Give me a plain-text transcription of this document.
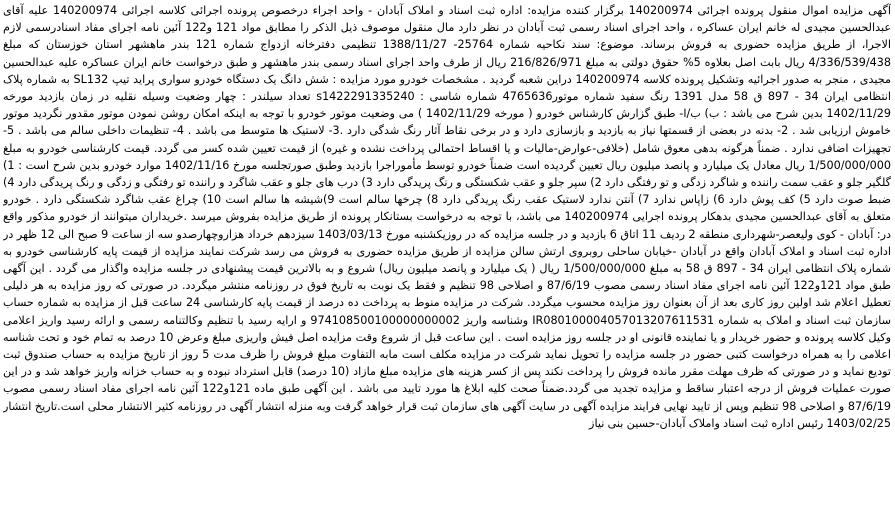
آگهی مزایده اموال منقول پرونده اجرائی 140200974 برگزار کننده مزایده: اداره ثبت اسناد و املاک آبادان - واحد اجراء درخصوص پرونده اجرائی کلاسه اجرائی 140200974 علیه آقای عبدالحسین مجیدی له خانم ایران عساکره ، واحد اجرای اسناد رسمی ثبت آبادان در نظر دارد مال منقول موصوف ذیل الذکر را مطابق مواد 121 و122 آئین نامه اجرای مفاد اسنادرسمی لازم الاجرا، از طریق مزایده حضوری به فروش برساند. موضوع: سند نکاحیه شماره 25764- 1388/11/27 تنظیمی دفترخانه ازدواج شماره 121 بندر ماهشهر استان خوزستان که مبلغ 4/336/539/438 ریال بابت اصل بعلاوه 5% حقوق دولتی به مبلغ 216/826/971 ریال از طرف واحد اجرای اسناد رسمی بندر ماهشهر و طبق درخواست خانم ایران عساکره علیه عبدالحسین مجیدی ، منجر به صدور اجرائیه وتشکیل پرونده کلاسه 140200974 دراین شعبه گردید . مشخصات خودرو مورد مزایده : شش دانگ یک دستگاه خودرو سواری پراید تیپ SL132 به شماره پلاک انتظامی ایران 34 - 897 ق 58 مدل 1391 رنگ سفید شماره موتور4765636 شماره شاسی : s1422291335240 تعداد سیلندر : چهار وضعیت وسیله نقلیه در زمان بازدید مورخه 1402/11/29 بدین شرح می باشد : ب) ب/ا- طبق گزارش کارشناس خودرو ( مورخه 1402/11/29 ) می وضعیت موتور خودرو با توجه به اینکه امکان روشن نمودن موتور مقدور نگردید موتور خاموش ارزیابی شد . 2- بدنه در بعضی از قسمتها نیاز به بازدید و بازسازی دارد و در برخی نقاط آثار رنگ شدگی دارد .3- لاستیک ها متوسط می باشد . 4- تنظیمات داخلی سالم می باشد . 5- تجهیزات اضافی ندارد . ضمناً هرگونه بدهی معوق شامل (خلافی-عوارض-مالیات و یا اقساط احتمالی پرداخت نشده و غیره) از قیمت تعیین شده کسر می گردد. قیمت کارشناسی خودرو به مبلغ 1/500/000/000 ریال معادل یک میلیارد و پانصد میلیون ریال تعیین گردیده است ضمناً خودرو توسط مأموراجرا بازدید وطبق صورتجلسه مورخ 1402/11/16 موارد خودرو بدین شرح است : 1) گلگیر جلو و عقب سمت راننده و شاگرد زدگی و تو رفتگی دارد 2) سپر جلو و عقب شکستگی و رنگ پریدگی دارد 3) درب های جلو و عقب شاگرد و راننده تو رفتگی و زدگی و رنگ پریدگی دارد 4) ضبط صوت دارد 5) کف پوش دارد 6) زاپاس ندارد 7) آنتن ندارد لاستیک عقب رنگ پریدگی دارد 8) چرخها سالم است 9)شیشه ها سالم است 10) چراغ عقب شاگرد شکستگی دارد . خودرو متعلق به آقای عبدالحسین مجیدی بدهکار پرونده اجرایی 140200974 می باشد، با توجه به درخواست بستانکار پرونده از طریق مزایده بفروش میرسد .خریداران میتوانند از خودرو مذکور واقع در: آبادان - کوی ولیعصر-شهرداری منطقه 2 ردیف 11 اتاق 6 بازدید و در جلسه مزایده که در روزیکشنبه مورخ 1403/03/13 سیزدهم خرداد هزاروچهارصدو سه از ساعت 9 صبح الی 12 ظهر در اداره ثبت اسناد و املاک آبادان واقع در آبادان -خیابان ساحلی روبروی ارتش سالن مزایده از طریق مزایده حضوری به فروش می رسد شرکت نمایند مزایده از قیمت پایه کارشناسی خودرو به شماره پلاک انتظامی ایران 34 - 897 ق 58 به مبلغ 1/500/000/000 ریال ( یک میلیارد و پانصد میلیون ریال) شروع و به بالاترین قیمت پیشنهادی در جلسه مزایده واگذار می گردد . این آگهی طبق مواد 121و122 آئین نامه اجرای مفاد اسناد رسمی مصوب 87/6/19 و اصلاحی 98 تنظیم و فقط یک نوبت به تاریخ فوق در روزنامه منتشر میگردد. در صورتی که روز مزایده به هر دلیلی تعطیل اعلام شد اولین روز کاری بعد از آن بعنوان روز مزایده محسوب میگردد. شرکت در مزایده منوط به پرداخت ده درصد از قیمت پایه کارشناسی 24 ساعت قبل از مزایده به شماره حساب سازمان ثبت اسناد و املاک به شماره IR080100004057013207611531 وشناسه واریز 974108500100000000002 و ارایه رسید با تنظیم وکالتنامه رسمی و ارائه رسید واریز اعلامی وکیل کلاسه پرونده و حضور خریدار و یا نماینده قانونی او در جلسه روز مزایده است . این ساعت قبل از شروع وقت مزایده اصل فیش واریزی مبلغ وعرض 10 درصد به تمام خود و تحت شناسه اعلامی را به همراه درخواست کتبی حضور در جلسه مزایده را تحویل نماید شرکت در مزایده مکلف است مابه التفاوت مبلغ فروش را ظرف مدت 5 روز از تاریخ مزایده به حساب صندوق ثبت تودیع نماید و در صورتی که ظرف مهلت مقرر مانده فروش را پرداخت نکند پس از کسر هزینه های مزایده مبلغ مازاد (10 درصد) قابل استرداد نبوده و به حساب خزانه واریز خواهد شد و در این صورت عملیات فروش از درجه اعتبار ساقط و مزایده تجدید می گردد.ضمناً صحت کلیه ابلاغ ها مورد تایید می باشد . این آگهی طبق ماده 121و122 آئین نامه اجرای مفاد اسناد رسمی مصوب 87/6/19 و اصلاحی 98 تنظیم وپس از تایید نهایی فرایند مزایده آگهی در سایت آگهی های سازمان ثبت قرار خواهد گرفت وبه منزله انتشار آگهی در روزنامه کثیر الانتشار محلی است.تاریخ انتشار 1403/02/25 رئیس اداره ثبت اسناد واملاک آبادان-حسین بنی نیاز
